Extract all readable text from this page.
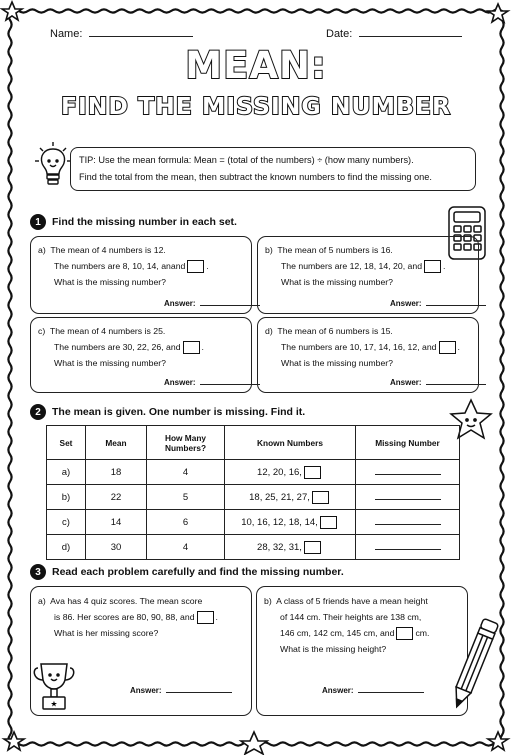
Name:	Date:
MEAN:
FIND THE MISSING NUMBER
TIP: Use the mean formula: Mean = (total of the numbers) ÷ (how many numbers).
Find the total from the mean, then subtract the known numbers to find the missing one.
1	Find the missing number in each set.
a) The mean of 4 numbers is 12.
The numbers are 8, 10, 14, anand .
What is the missing number?
Answer:
b) The mean of 5 numbers is 16.
The numbers are 12, 18, 14, 20, and .
What is the missing number?
Answer:
c) The mean of 4 numbers is 25.
The numbers are 30, 22, 26, and .
What is the missing number?
Answer:
d) The mean of 6 numbers is 15.
The numbers are 10, 17, 14, 16, 12, and .
What is the missing number?
Answer:
2	The mean is given. One number is missing. Find it.
Set	Mean	How Many Numbers?	Known Numbers	Missing Number
a)	18	4	12, 20, 16,	
b)	22	5	18, 25, 21, 27,	
c)	14	6	10, 16, 12, 18, 14,	
d)	30	4	28, 32, 31,	
3	Read each problem carefully and find the missing number.
a) Ava has 4 quiz scores. The mean score
is 86. Her scores are 80, 90, 88, and .
What is her missing score?
Answer:
★
b) A class of 5 friends have a mean height
of 144 cm. Their heights are 138 cm,
146 cm, 142 cm, 145 cm, and cm.
What is the missing height?
Answer:
